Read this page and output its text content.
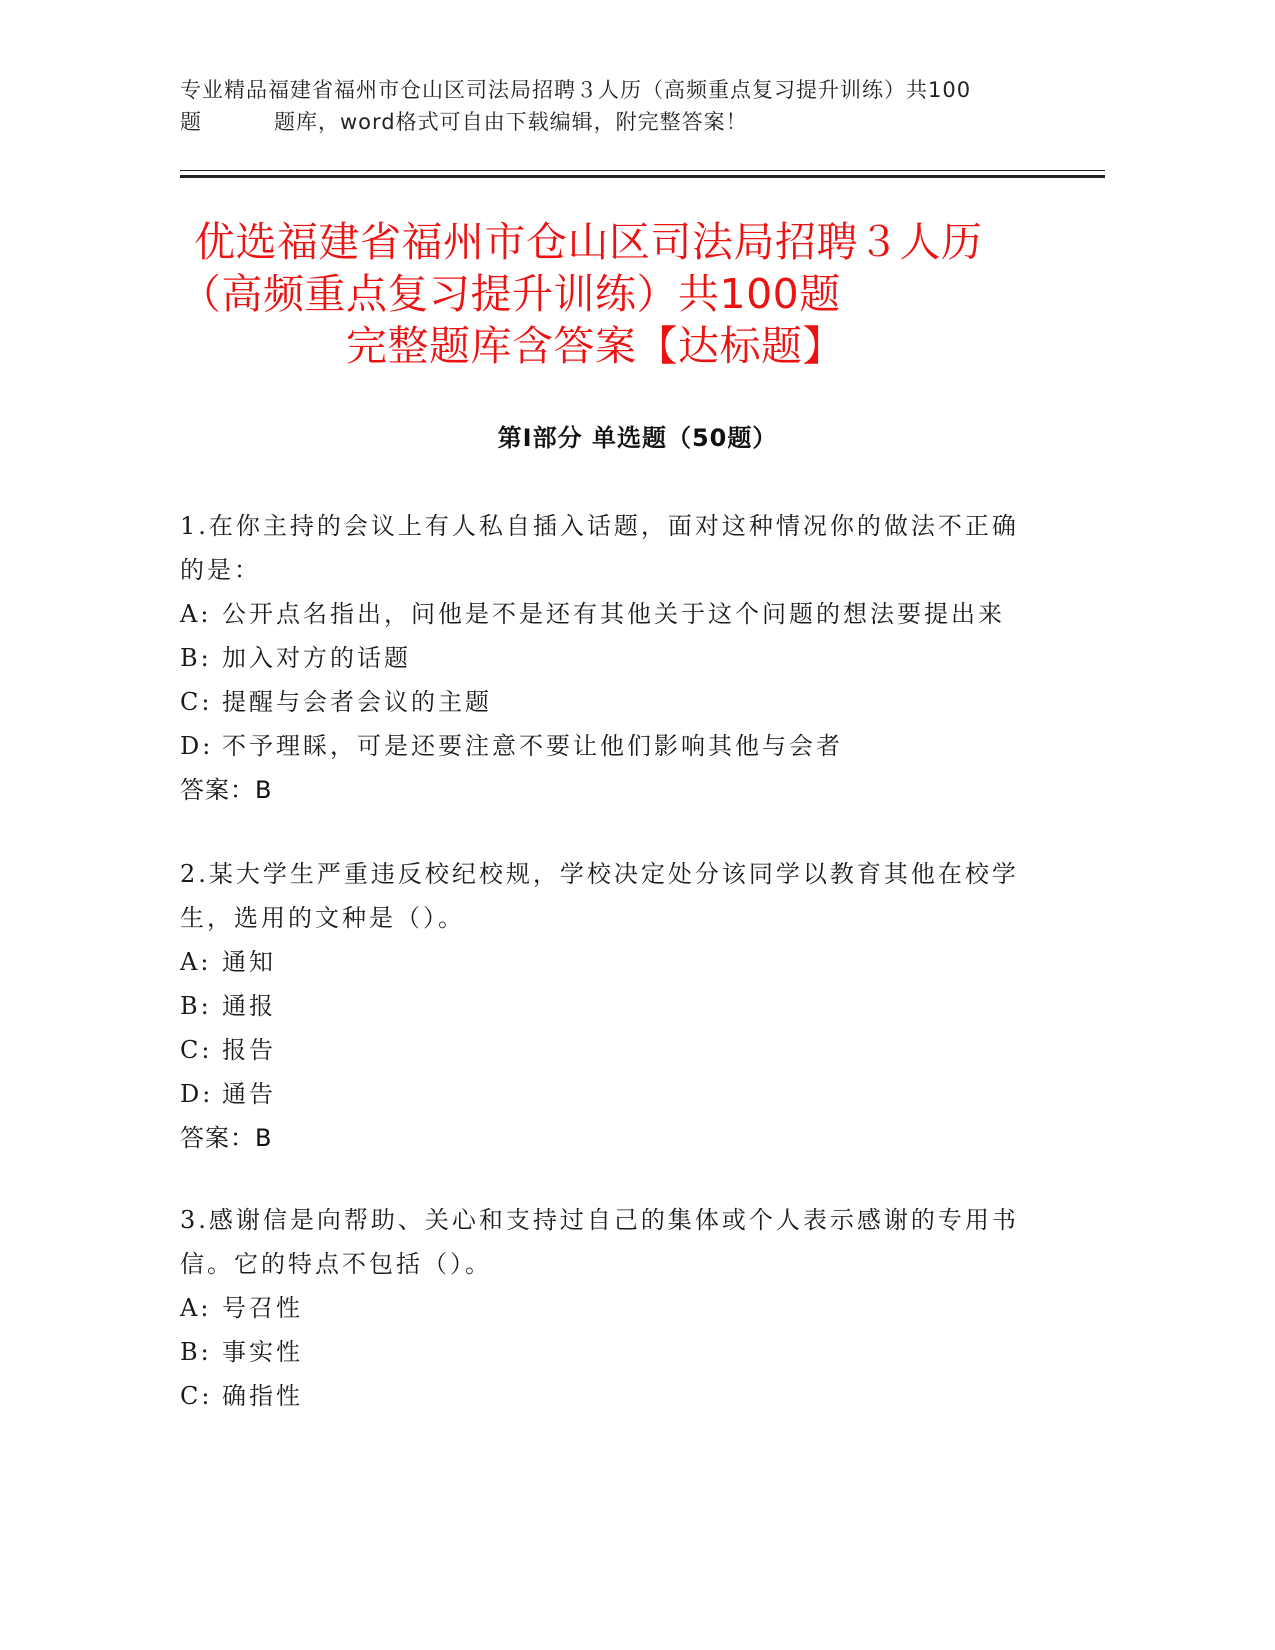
专业精品福建省福州市仓山区司法局招聘３人历（高频重点复习提升训练）共100
题	题库，word格式可自由下载编辑，附完整答案！
优选福建省福州市仓山区司法局招聘３人历
（高频重点复习提升训练）共100题
完整题库含答案【达标题】
第Ⅰ部分 单选题（50题）
1.在你主持的会议上有人私自插入话题，面对这种情况你的做法不正确的是：
A: 公开点名指出，问他是不是还有其他关于这个问题的想法要提出来
B: 加入对方的话题
C: 提醒与会者会议的主题
D: 不予理睬，可是还要注意不要让他们影响其他与会者
答案：B
2.某大学生严重违反校纪校规，学校决定处分该同学以教育其他在校学生，选用的文种是（）。
A: 通知
B: 通报
C: 报告
D: 通告
答案：B
3.感谢信是向帮助、关心和支持过自己的集体或个人表示感谢的专用书信。它的特点不包括（）。
A: 号召性
B: 事实性
C: 确指性
